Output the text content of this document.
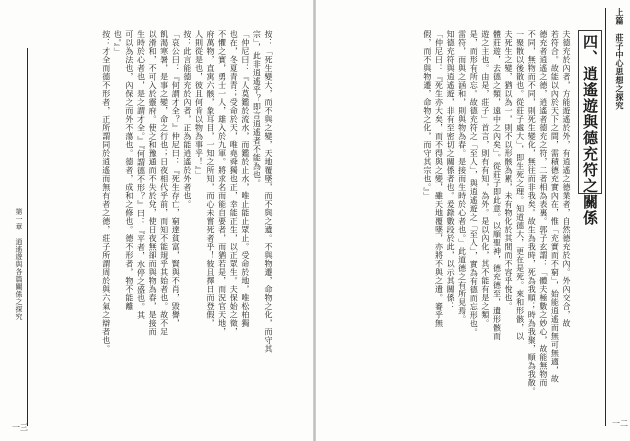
上篇　莊子中心思想之探究
一二
四、逍遙遊與德充符之關係
夫德充於內者，方能遊遙於外，有逍遙之德業者，自然德充於內。外內交合，故
若符合。故能以內於天下之間，需積德充實內在，惟「充實而不窮」，始能逍遙而無可無適，故
德充者逍遙之德，逍遙者德充之符，二者相為表裏。郭子玄謂：「體夫極數之妙心，故能無物而
不同，無物而不同，則死生變化，無往而非我矣。故生為我時，死為我順；時為我聚，順為我散。
一聚散以後散也。從莊子處大」，即生死之理。知道德大，更在是死。來和形骸，以
夫死生之變，猶以為一，則不以形骸為累，未有物化於其間而不容乎悅也。
體莊遊，去德之類，遠中之內矣」。從莊子即此意。以順聖神，德充德至，遺形骸而
遊之主也。由是，莊子」首言，則有有知，為外。是以內化，其不能有是之類。
是，而形有所忘。故德充符之「至人」，與逍遙遊之「至人」，實為有德而忘形也。
雷符，而與之涵和，則與物為春。是接而生時於心者也。」此道德之有所見焉。
知德充符與逍遙遊，非有至密切之關係者也。爰錄數段於此，以示其關係：
「仲尼曰：『死生亦大矣，而不得與之變，雖天地覆墜，亦將不與之遺。審乎無
假，而不與物遷，命物之化，而守其宗也。』」
第一章　逍遙遊與各篇關係之探究
一三
按：「死生變大，而不與之變，天地覆墜，而不與之遺。不與物遷，命物之化，而守其
宗」，此非逍遙乎？即言逍遙者不能為也。
「仲尼曰：『人莫鑑於流水，而鑑於止水，唯止能止眾止。受命於地，唯松柏獨
也在，冬夏青青；受命於天，唯堯舜獨也正，幸能正生，以正眾生。夫保始之徵，
不懼之實，勇士一人，雄入於九軍。將求名而能自要者，而猶若是，而況官天地，
府萬物，直寓六骸，象耳目，一知之所知，而心未嘗死者乎！彼且擇日而登假，
人則從是也，彼且何肯以物為事乎！』」
按：此言能德充於內者，正為能逍遙於外者也。
「哀公曰：『何謂才全？』仲尼曰：『死生存亡，窮達貧富，賢與不肖，毀譽，
飢渴寒暑，是事之變，命之行也；日夜相代乎前，而知不能規乎其始者也。故不足
以滑和，不可入於靈府。使之和豫通而不失於兌，使日夜無卻而與物為春，是接而
生時於心者也，是之謂才全。』『何謂德不形？』曰：『平者，水停之盛也。其
可以為法也，內保之而外不蕩也。德者，成和之修也。德不形者，物不能離
也。』」
按：才全而德不形者，正所謂同於逍遙而無有者之德，莊子所謂周於與六氣之辯者也。
